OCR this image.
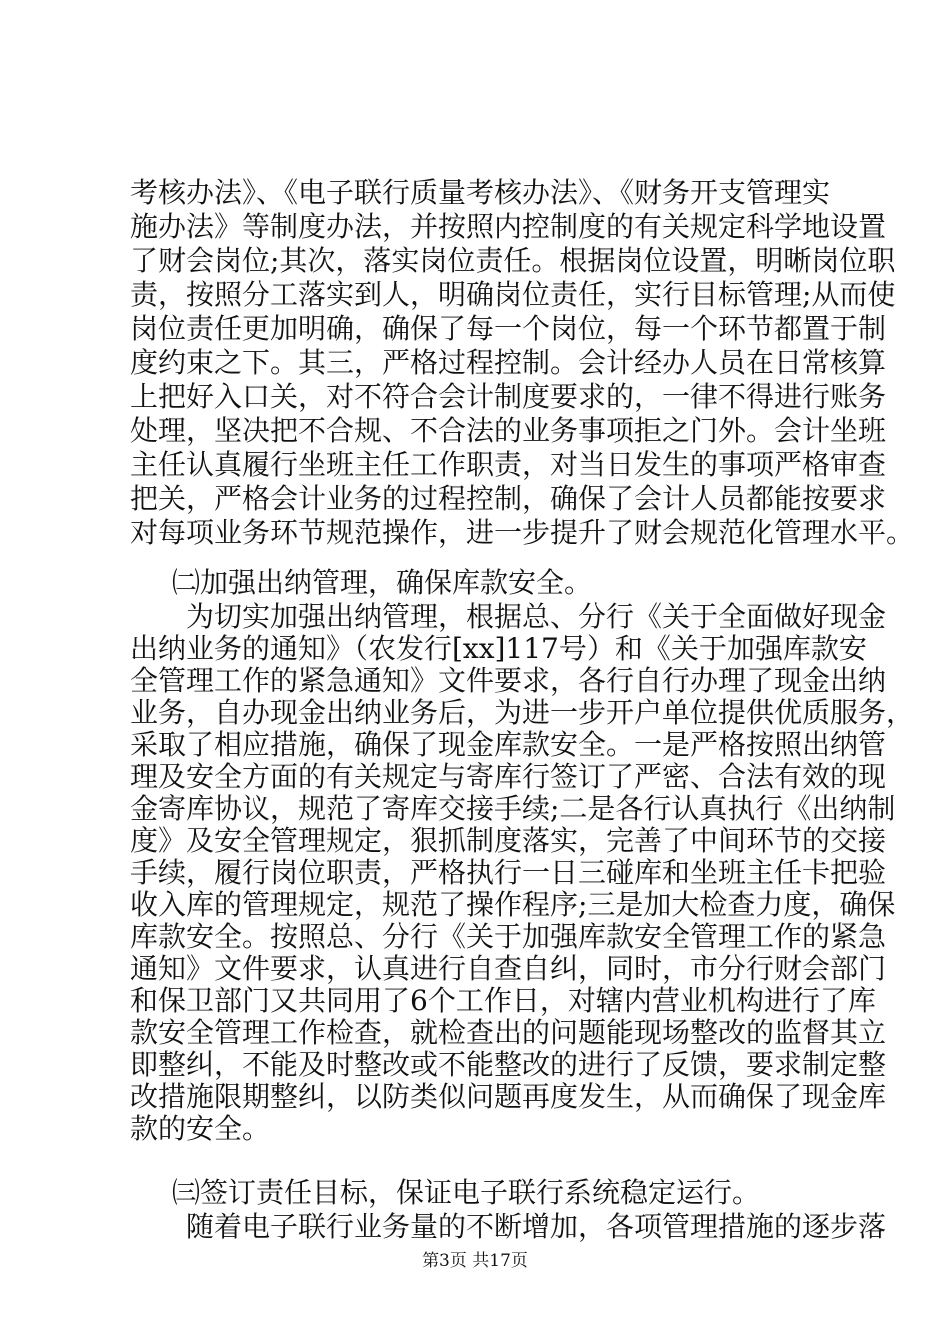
考核办法》、《电子联行质量考核办法》、《财务开支管理实
施办法》等制度办法，并按照内控制度的有关规定科学地设置
了财会岗位;其次，落实岗位责任。根据岗位设置，明晰岗位职
责，按照分工落实到人，明确岗位责任，实行目标管理;从而使
岗位责任更加明确，确保了每一个岗位，每一个环节都置于制
度约束之下。其三，严格过程控制。会计经办人员在日常核算
上把好入口关，对不符合会计制度要求的，一律不得进行账务
处理，坚决把不合规、不合法的业务事项拒之门外。会计坐班
主任认真履行坐班主任工作职责，对当日发生的事项严格审查
把关，严格会计业务的过程控制，确保了会计人员都能按要求
对每项业务环节规范操作，进一步提升了财会规范化管理水平。
㈡加强出纳管理，确保库款安全。
为切实加强出纳管理，根据总、分行《关于全面做好现金
出纳业务的通知》（农发行[xx]117号）和《关于加强库款安
全管理工作的紧急通知》文件要求，各行自行办理了现金出纳
业务，自办现金出纳业务后，为进一步开户单位提供优质服务，
采取了相应措施，确保了现金库款安全。一是严格按照出纳管
理及安全方面的有关规定与寄库行签订了严密、合法有效的现
金寄库协议，规范了寄库交接手续;二是各行认真执行《出纳制
度》及安全管理规定，狠抓制度落实，完善了中间环节的交接
手续，履行岗位职责，严格执行一日三碰库和坐班主任卡把验
收入库的管理规定，规范了操作程序;三是加大检查力度，确保
库款安全。按照总、分行《关于加强库款安全管理工作的紧急
通知》文件要求，认真进行自查自纠，同时，市分行财会部门
和保卫部门又共同用了6个工作日，对辖内营业机构进行了库
款安全管理工作检查，就检查出的问题能现场整改的监督其立
即整纠，不能及时整改或不能整改的进行了反馈，要求制定整
改措施限期整纠，以防类似问题再度发生，从而确保了现金库
款的安全。
㈢签订责任目标，保证电子联行系统稳定运行。
随着电子联行业务量的不断增加，各项管理措施的逐步落
第3页 共17页
